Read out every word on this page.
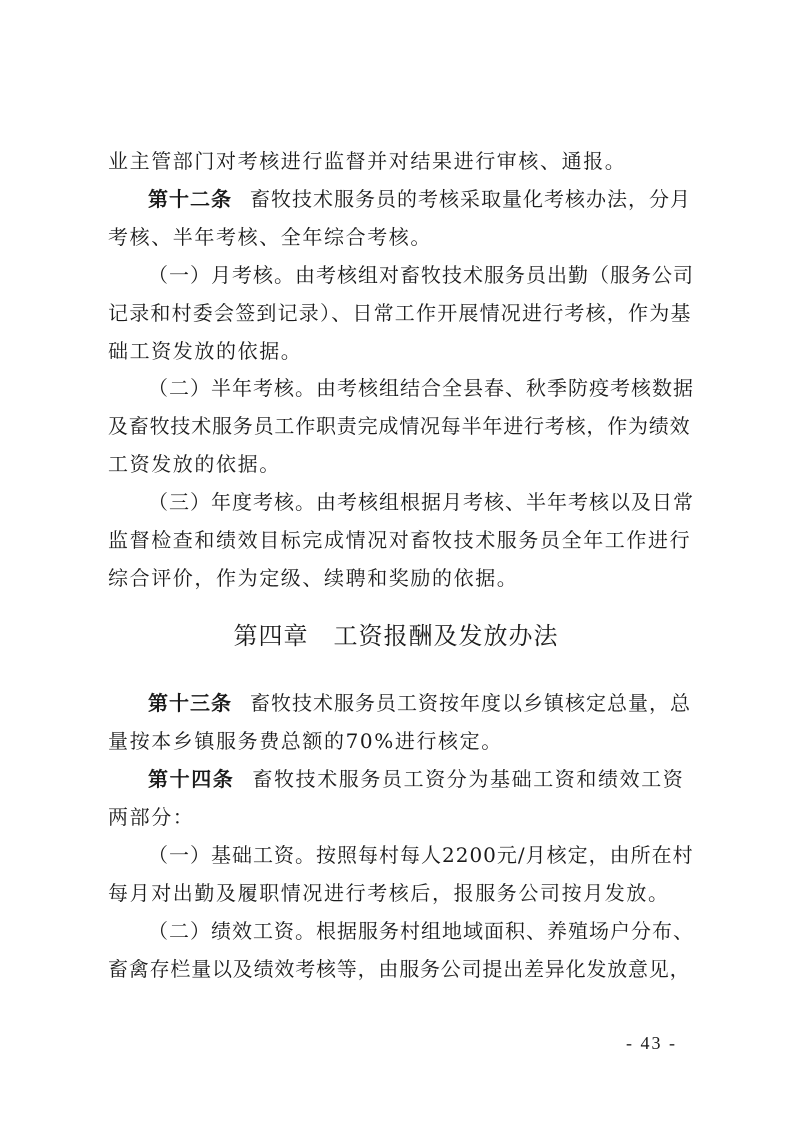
业主管部门对考核进行监督并对结果进行审核、通报。
第十二条 畜牧技术服务员的考核采取量化考核办法，分月
考核、半年考核、全年综合考核。
（一）月考核。由考核组对畜牧技术服务员出勤（服务公司
记录和村委会签到记录）、日常工作开展情况进行考核，作为基
础工资发放的依据。
（二）半年考核。由考核组结合全县春、秋季防疫考核数据
及畜牧技术服务员工作职责完成情况每半年进行考核，作为绩效
工资发放的依据。
（三）年度考核。由考核组根据月考核、半年考核以及日常
监督检查和绩效目标完成情况对畜牧技术服务员全年工作进行
综合评价，作为定级、续聘和奖励的依据。
第四章　工资报酬及发放办法
第十三条 畜牧技术服务员工资按年度以乡镇核定总量，总
量按本乡镇服务费总额的70%进行核定。
第十四条 畜牧技术服务员工资分为基础工资和绩效工资
两部分：
（一）基础工资。按照每村每人2200元/月核定，由所在村
每月对出勤及履职情况进行考核后，报服务公司按月发放。
（二）绩效工资。根据服务村组地域面积、养殖场户分布、
畜禽存栏量以及绩效考核等，由服务公司提出差异化发放意见，
- 43 -
